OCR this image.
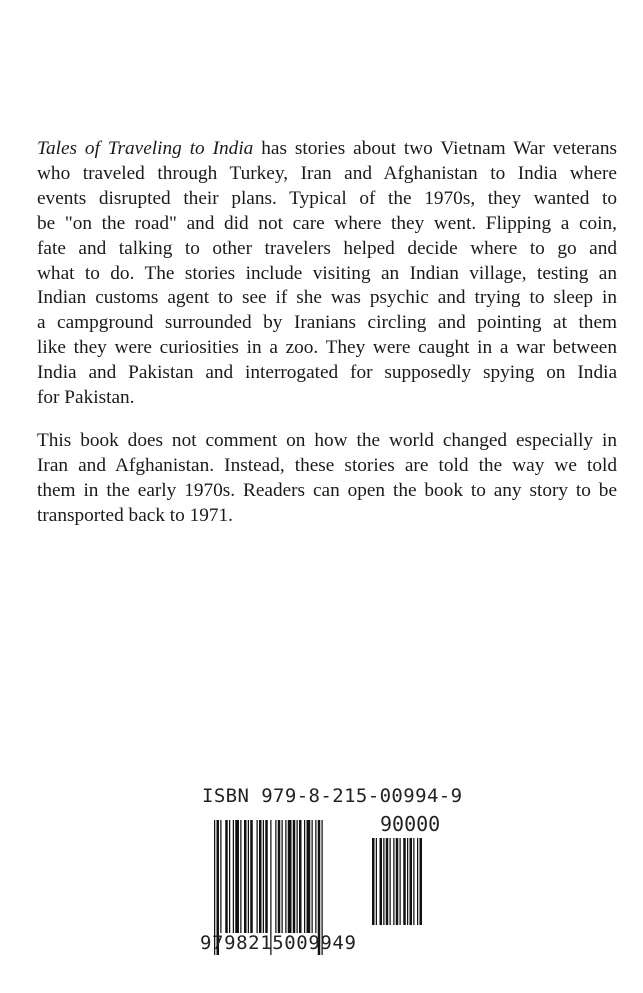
Tales of Traveling to India has stories about two Vietnam War veterans
who traveled through Turkey, Iran and Afghanistan to India where
events disrupted their plans. Typical of the 1970s, they wanted to
be "on the road" and did not care where they went. Flipping a coin,
fate and talking to other travelers helped decide where to go and
what to do. The stories include visiting an Indian village, testing an
Indian customs agent to see if she was psychic and trying to sleep in
a campground surrounded by Iranians circling and pointing at them
like they were curiosities in a zoo. They were caught in a war between
India and Pakistan and interrogated for supposedly spying on India
for Pakistan.
This book does not comment on how the world changed especially in
Iran and Afghanistan. Instead, these stories are told the way we told
them in the early 1970s. Readers can open the book to any story to be
transported back to 1971.
ISBN 979-8-215-00994-9
90000
9798215009949
